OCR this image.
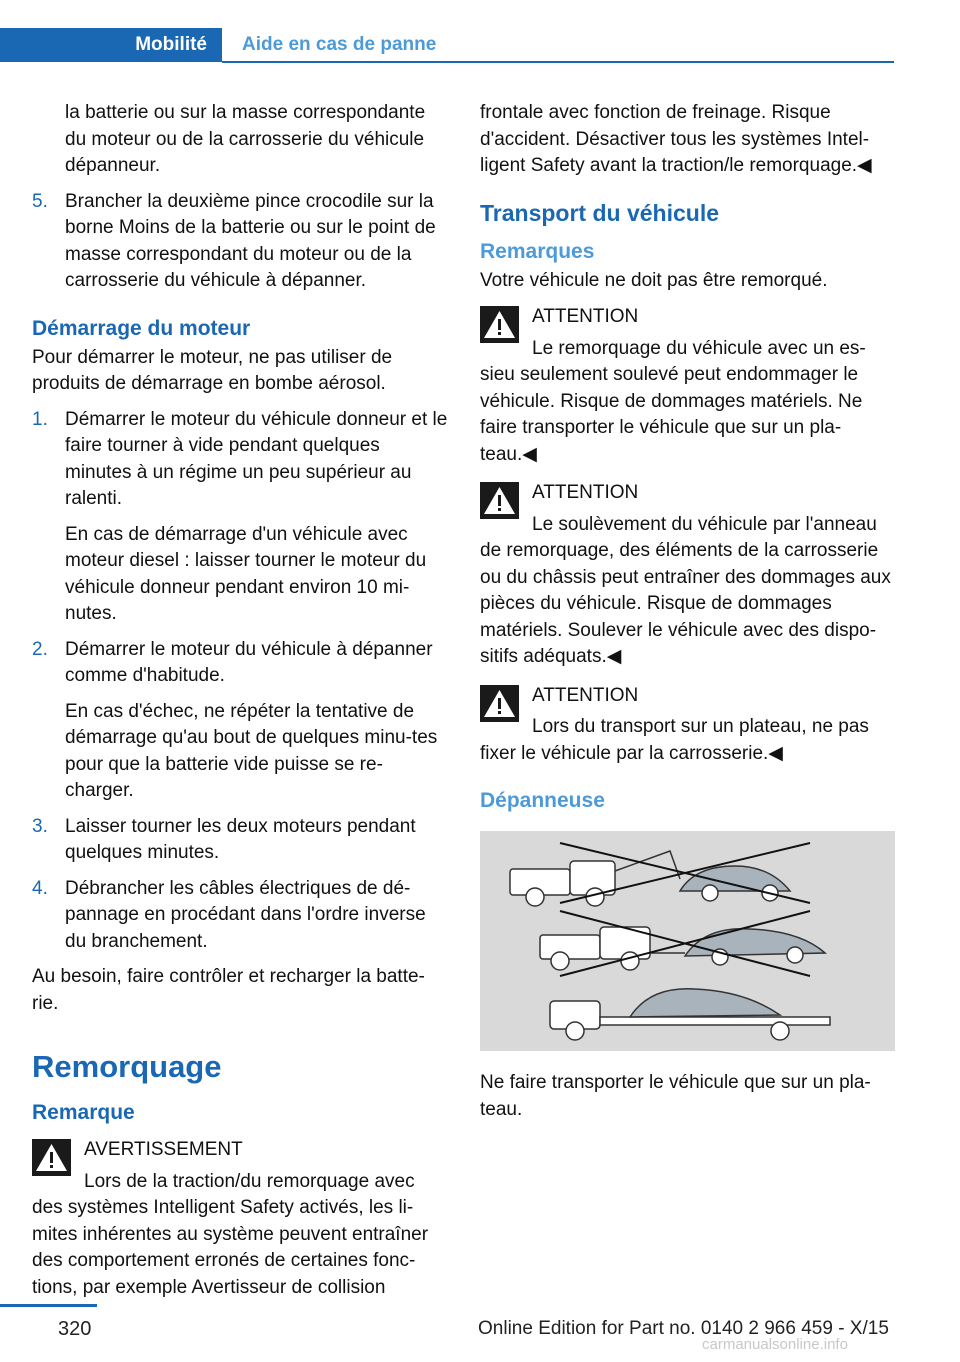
Mobilité	Aide en cas de panne

la batterie ou sur la masse correspondante du moteur ou de la carrosserie du véhicule dépanneur.

5. Brancher la deuxième pince crocodile sur la borne Moins de la batterie ou sur le point de masse correspondant du moteur ou de la carrosserie du véhicule à dépanner.

Démarrage du moteur

Pour démarrer le moteur, ne pas utiliser de produits de démarrage en bombe aérosol.

1. Démarrer le moteur du véhicule donneur et le faire tourner à vide pendant quelques minutes à un régime un peu supérieur au ralenti.

En cas de démarrage d'un véhicule avec moteur diesel : laisser tourner le moteur du véhicule donneur pendant environ 10 mi‐nutes.

2. Démarrer le moteur du véhicule à dépanner comme d'habitude.

En cas d'échec, ne répéter la tentative de démarrage qu'au bout de quelques minu‐tes pour que la batterie vide puisse se re‐charger.

3. Laisser tourner les deux moteurs pendant quelques minutes.

4. Débrancher les câbles électriques de dé‐pannage en procédant dans l'ordre inverse du branchement.

Au besoin, faire contrôler et recharger la batte‐rie.

Remorquage
Remarque

AVERTISSEMENT

Lors de la traction/du remorquage avec des systèmes Intelligent Safety activés, les li‐mites inhérentes au système peuvent entraîner des comportement erronés de certaines fonc‐tions, par exemple Avertisseur de collision

frontale avec fonction de freinage. Risque d'accident. Désactiver tous les systèmes Intel‐ligent Safety avant la traction/le remorquage.◀

Transport du véhicule
Remarques

Votre véhicule ne doit pas être remorqué.

ATTENTION

Le remorquage du véhicule avec un es‐sieu seulement soulevé peut endommager le véhicule. Risque de dommages matériels. Ne faire transporter le véhicule que sur un pla‐teau.◀

ATTENTION

Le soulèvement du véhicule par l'anneau de remorquage, des éléments de la carrosserie ou du châssis peut entraîner des dommages aux pièces du véhicule. Risque de dommages matériels. Soulever le véhicule avec des dispo‐sitifs adéquats.◀

ATTENTION

Lors du transport sur un plateau, ne pas fixer le véhicule par la carrosserie.◀

Dépanneuse

Ne faire transporter le véhicule que sur un pla‐teau.

320	Online Edition for Part no. 0140 2 966 459 - X/15
carmanualsonline.info
